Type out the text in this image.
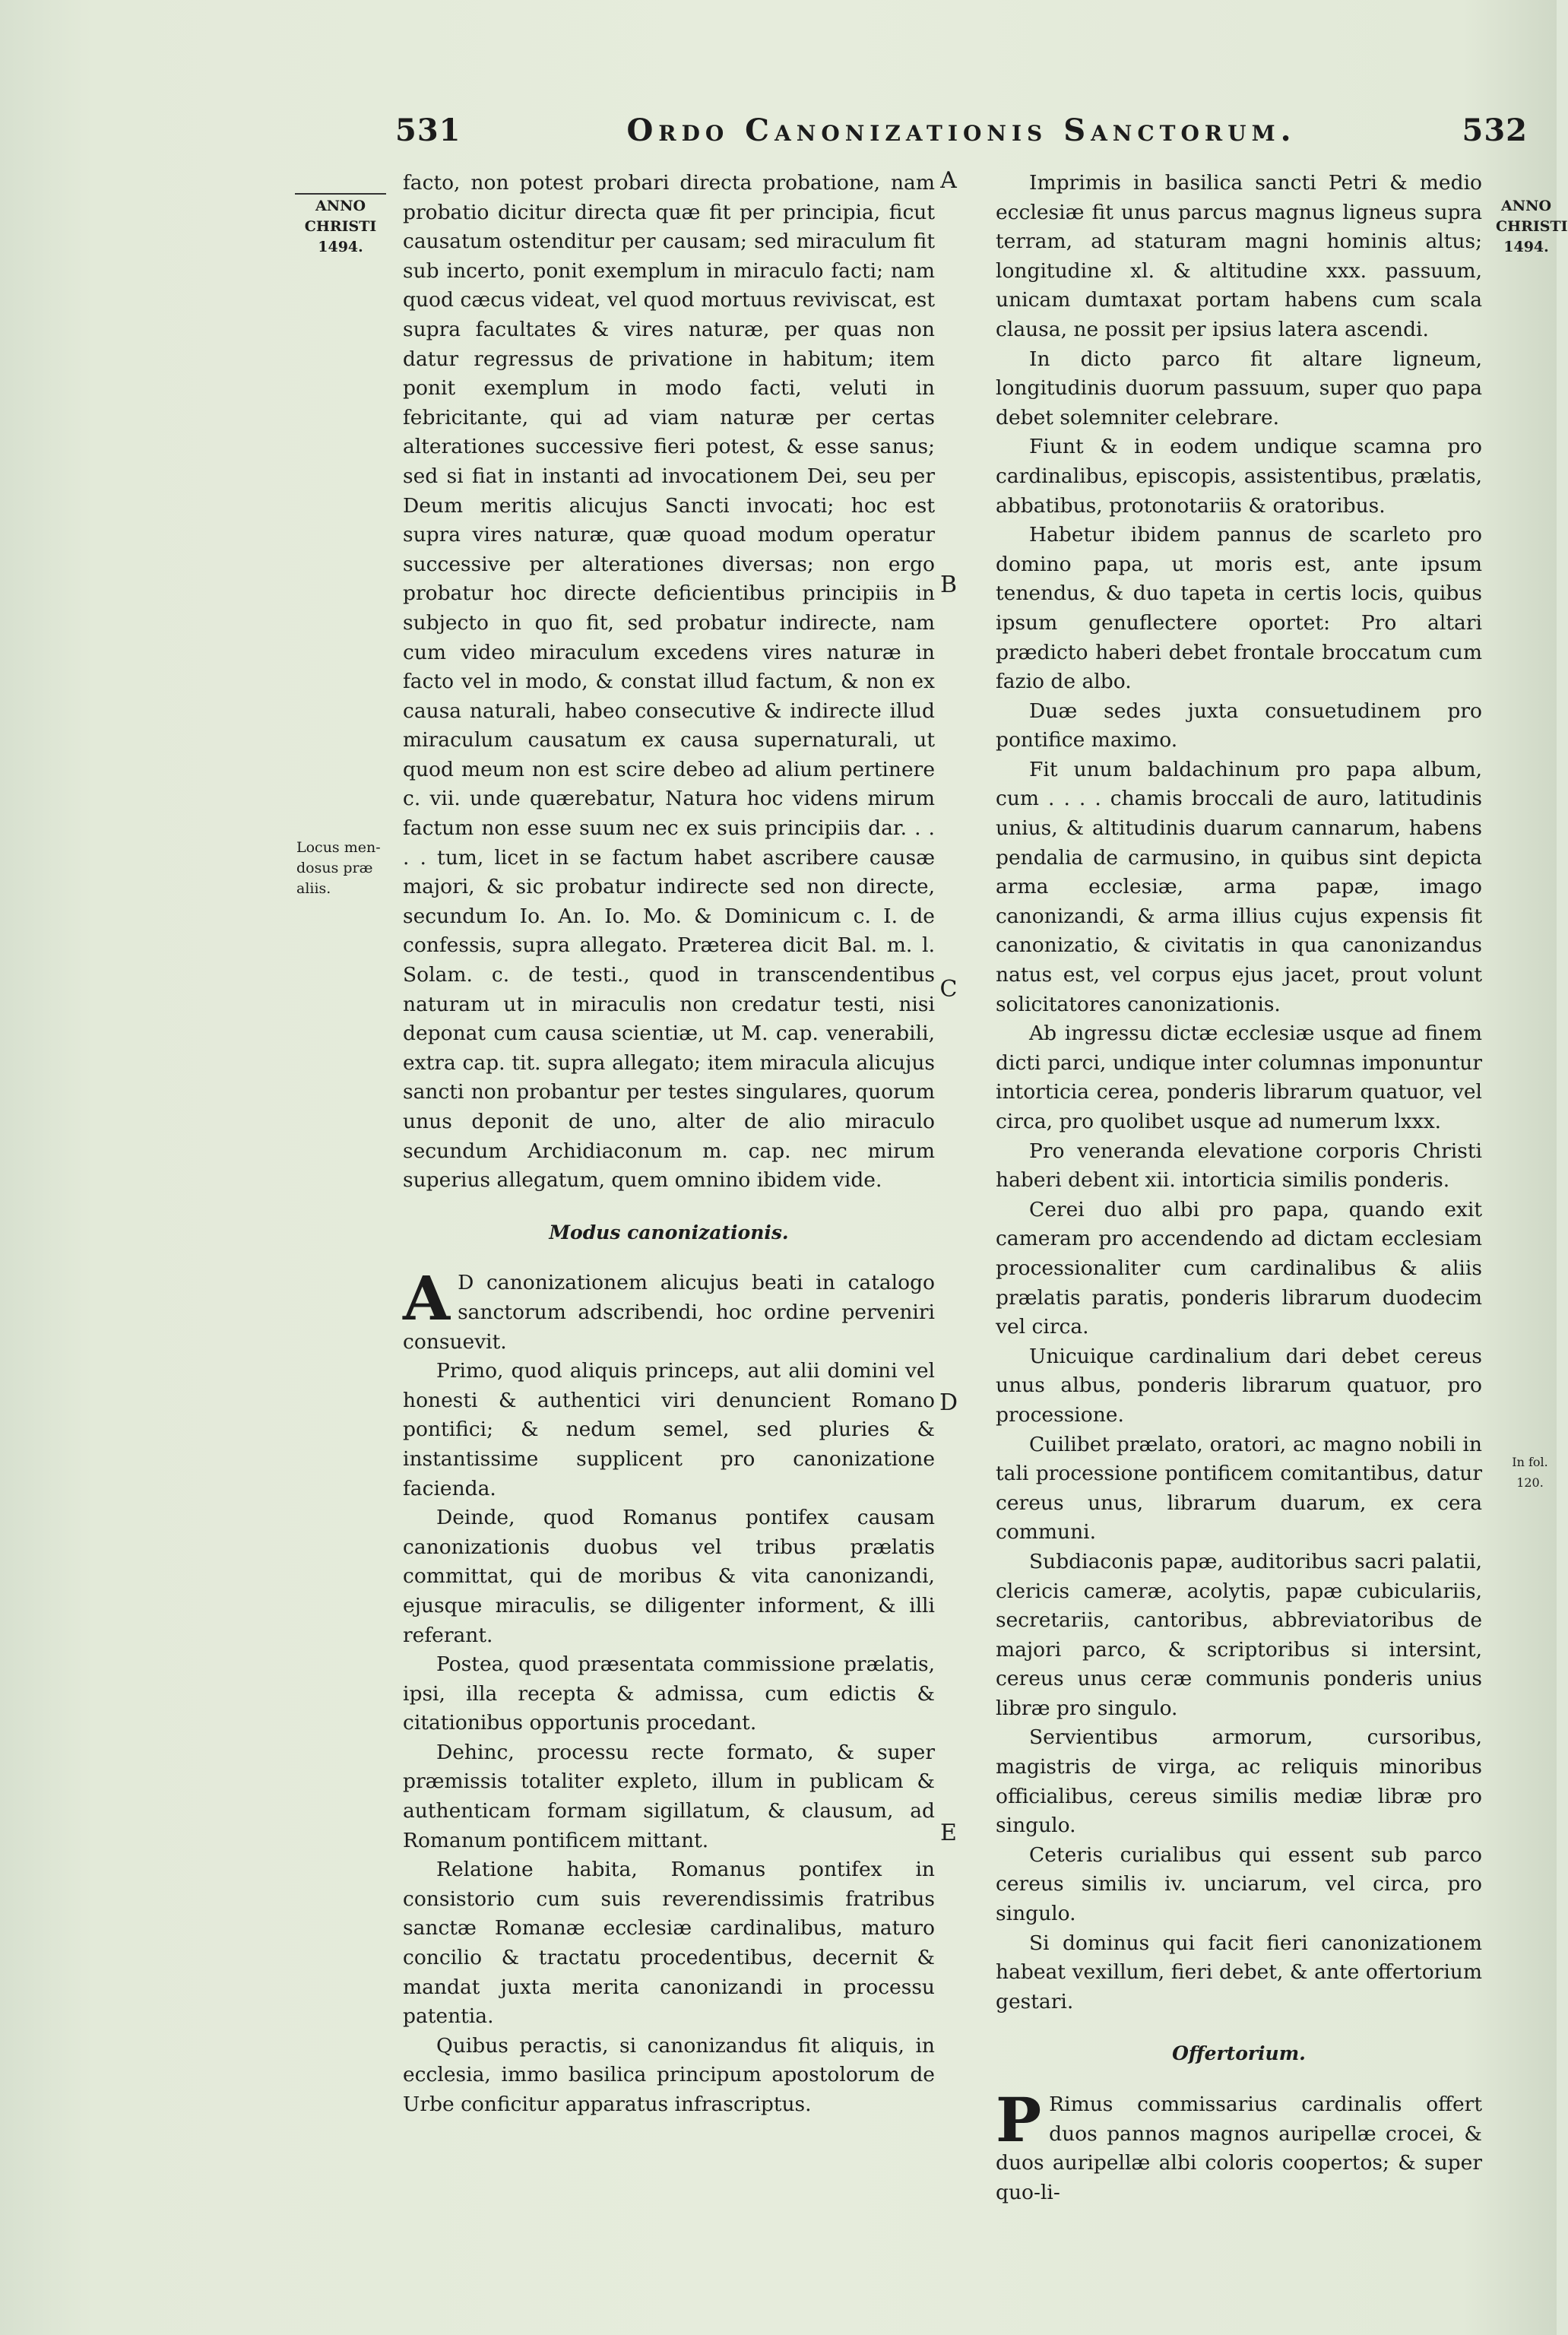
531	Ordo Canonizationis Sanctorum.	532
ANNO
CHRISTI
1494.
ANNO
CHRISTI
1494.
Locus men-
dosus præ
aliis.
In fol. 120.
A
B
C
D
E

facto, non potest probari directa probatione, nam probatio dicitur directa quæ fit per principia, ficut causatum ostenditur per causam; sed miraculum fit sub incerto, ponit exemplum in miraculo facti; nam quod cæcus videat, vel quod mortuus reviviscat, est supra facultates & vires naturæ, per quas non datur regressus de privatione in habitum; item ponit exemplum in modo facti, veluti in febricitante, qui ad viam naturæ per certas alterationes successive fieri potest, & esse sanus; sed si fiat in instanti ad invocationem Dei, seu per Deum meritis alicujus Sancti invocati; hoc est supra vires naturæ, quæ quoad modum operatur successive per alterationes diversas; non ergo probatur hoc directe deficientibus principiis in subjecto in quo fit, sed probatur indirecte, nam cum video miraculum excedens vires naturæ in facto vel in modo, & constat illud factum, & non ex causa naturali, habeo consecutive & indirecte illud miraculum causatum ex causa supernaturali, ut quod meum non est scire debeo ad alium pertinere c. vii. unde quærebatur, Natura hoc videns mirum factum non esse suum nec ex suis principiis dar. . . . . tum, licet in se factum habet ascribere causæ majori, & sic probatur indirecte sed non directe, secundum Io. An. Io. Mo. & Dominicum c. I. de confessis, supra allegato. Præterea dicit Bal. m. l. Solam. c. de testi., quod in transcendentibus naturam ut in miraculis non credatur testi, nisi deponat cum causa scientiæ, ut M. cap. venerabili, extra cap. tit. supra allegato; item miracula alicujus sancti non probantur per testes singulares, quorum unus deponit de uno, alter de alio miraculo secundum Archidiaconum m. cap. nec mirum superius allegatum, quem omnino ibidem vide.

Modus canonizationis.

A D canonizationem alicujus beati in catalogo sanctorum adscribendi, hoc ordine perveniri consuevit.

Primo, quod aliquis princeps, aut alii domini vel honesti & authentici viri denuncient Romano pontifici; & nedum semel, sed pluries & instantissime supplicent pro canonizatione facienda.

Deinde, quod Romanus pontifex causam canonizationis duobus vel tribus prælatis committat, qui de moribus & vita canonizandi, ejusque miraculis, se diligenter informent, & illi referant.

Postea, quod præsentata commissione prælatis, ipsi, illa recepta & admissa, cum edictis & citationibus opportunis procedant.

Dehinc, processu recte formato, & super præmissis totaliter expleto, illum in publicam & authenticam formam sigillatum, & clausum, ad Romanum pontificem mittant.

Relatione habita, Romanus pontifex in consistorio cum suis reverendissimis fratribus sanctæ Romanæ ecclesiæ cardinalibus, maturo concilio & tractatu procedentibus, decernit & mandat juxta merita canonizandi in processu patentia.

Quibus peractis, si canonizandus fit aliquis, in ecclesia, immo basilica principum apostolorum de Urbe conficitur apparatus infrascriptus.

Imprimis in basilica sancti Petri & medio ecclesiæ fit unus parcus magnus ligneus supra terram, ad staturam magni hominis altus; longitudine xl. & altitudine xxx. passuum, unicam dumtaxat portam habens cum scala clausa, ne possit per ipsius latera ascendi.

In dicto parco fit altare ligneum, longitudinis duorum passuum, super quo papa debet solemniter celebrare.

Fiunt & in eodem undique scamna pro cardinalibus, episcopis, assistentibus, prælatis, abbatibus, protonotariis & oratoribus.

Habetur ibidem pannus de scarleto pro domino papa, ut moris est, ante ipsum tenendus, & duo tapeta in certis locis, quibus ipsum genuflectere oportet: Pro altari prædicto haberi debet frontale broccatum cum fazio de albo.

Duæ sedes juxta consuetudinem pro pontifice maximo.

Fit unum baldachinum pro papa album, cum . . . . chamis broccali de auro, latitudinis unius, & altitudinis duarum cannarum, habens pendalia de carmusino, in quibus sint depicta arma ecclesiæ, arma papæ, imago canonizandi, & arma illius cujus expensis fit canonizatio, & civitatis in qua canonizandus natus est, vel corpus ejus jacet, prout volunt solicitatores canonizationis.

Ab ingressu dictæ ecclesiæ usque ad finem dicti parci, undique inter columnas imponuntur intorticia cerea, ponderis librarum quatuor, vel circa, pro quolibet usque ad numerum lxxx.

Pro veneranda elevatione corporis Christi haberi debent xii. intorticia similis ponderis.

Cerei duo albi pro papa, quando exit cameram pro accendendo ad dictam ecclesiam processionaliter cum cardinalibus & aliis prælatis paratis, ponderis librarum duodecim vel circa.

Unicuique cardinalium dari debet cereus unus albus, ponderis librarum quatuor, pro processione.

Cuilibet prælato, oratori, ac magno nobili in tali processione pontificem comitantibus, datur cereus unus, librarum duarum, ex cera communi.

Subdiaconis papæ, auditoribus sacri palatii, clericis cameræ, acolytis, papæ cubiculariis, secretariis, cantoribus, abbreviatoribus de majori parco, & scriptoribus si intersint, cereus unus ceræ communis ponderis unius libræ pro singulo.

Servientibus armorum, cursoribus, magistris de virga, ac reliquis minoribus officialibus, cereus similis mediæ libræ pro singulo.

Ceteris curialibus qui essent sub parco cereus similis iv. unciarum, vel circa, pro singulo.

Si dominus qui facit fieri canonizationem habeat vexillum, fieri debet, & ante offertorium gestari.

Offertorium.

P Rimus commissarius cardinalis offert duos pannos magnos auripellæ crocei, & duos auripellæ albi coloris coopertos; & super quo-li-
